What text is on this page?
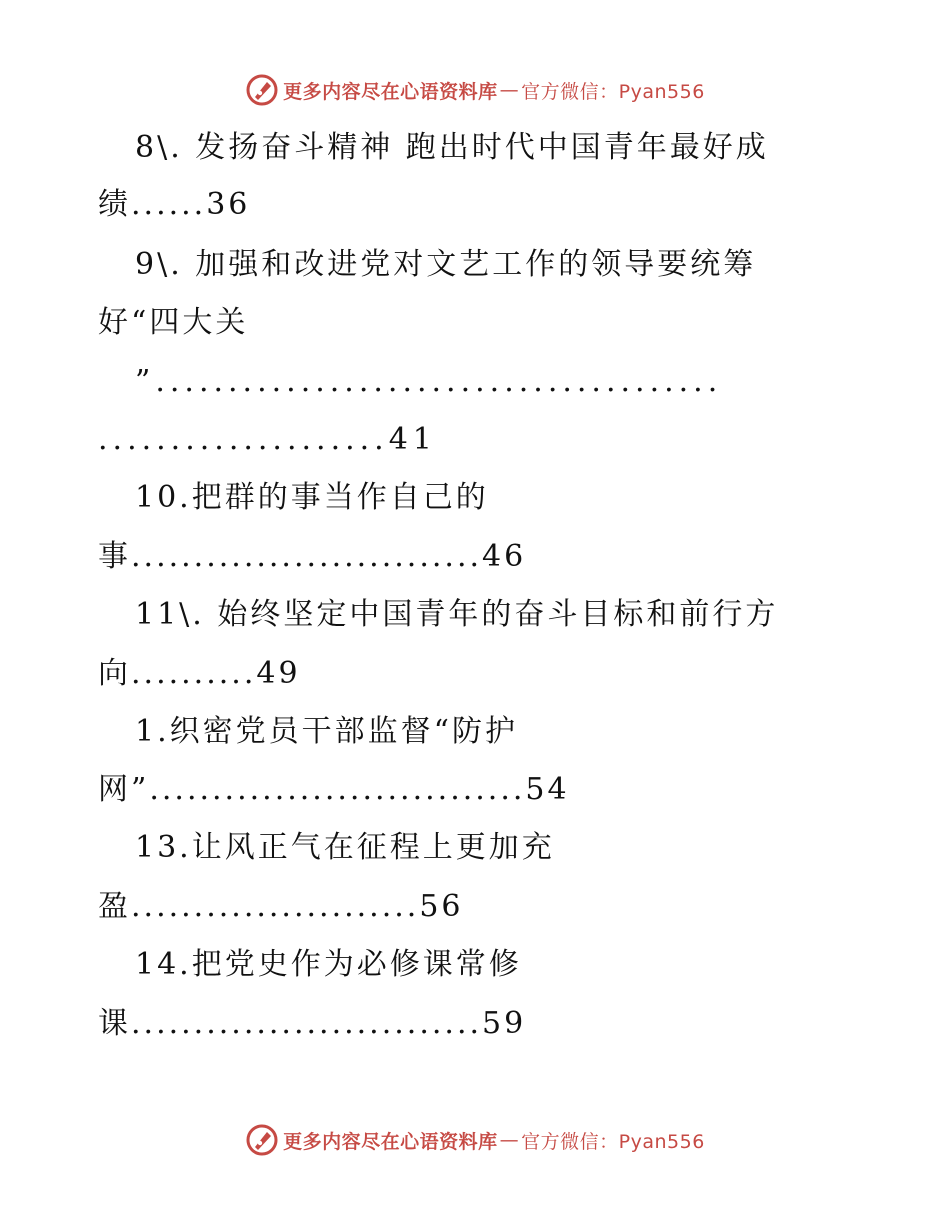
更多内容尽在心语资料库 — 官方微信：Pyan556
8\. 发扬奋斗精神 跑出时代中国青年最好成
绩......36
9\. 加强和改进党对文艺工作的领导要统筹
好“四大关
”.......................................
....................41
10.把群的事当作自己的
事............................46
11\. 始终坚定中国青年的奋斗目标和前行方
向..........49
1.织密党员干部监督“防护
网”..............................54
13.让风正气在征程上更加充
盈.......................56
14.把党史作为必修课常修
课............................59
更多内容尽在心语资料库 — 官方微信：Pyan556
